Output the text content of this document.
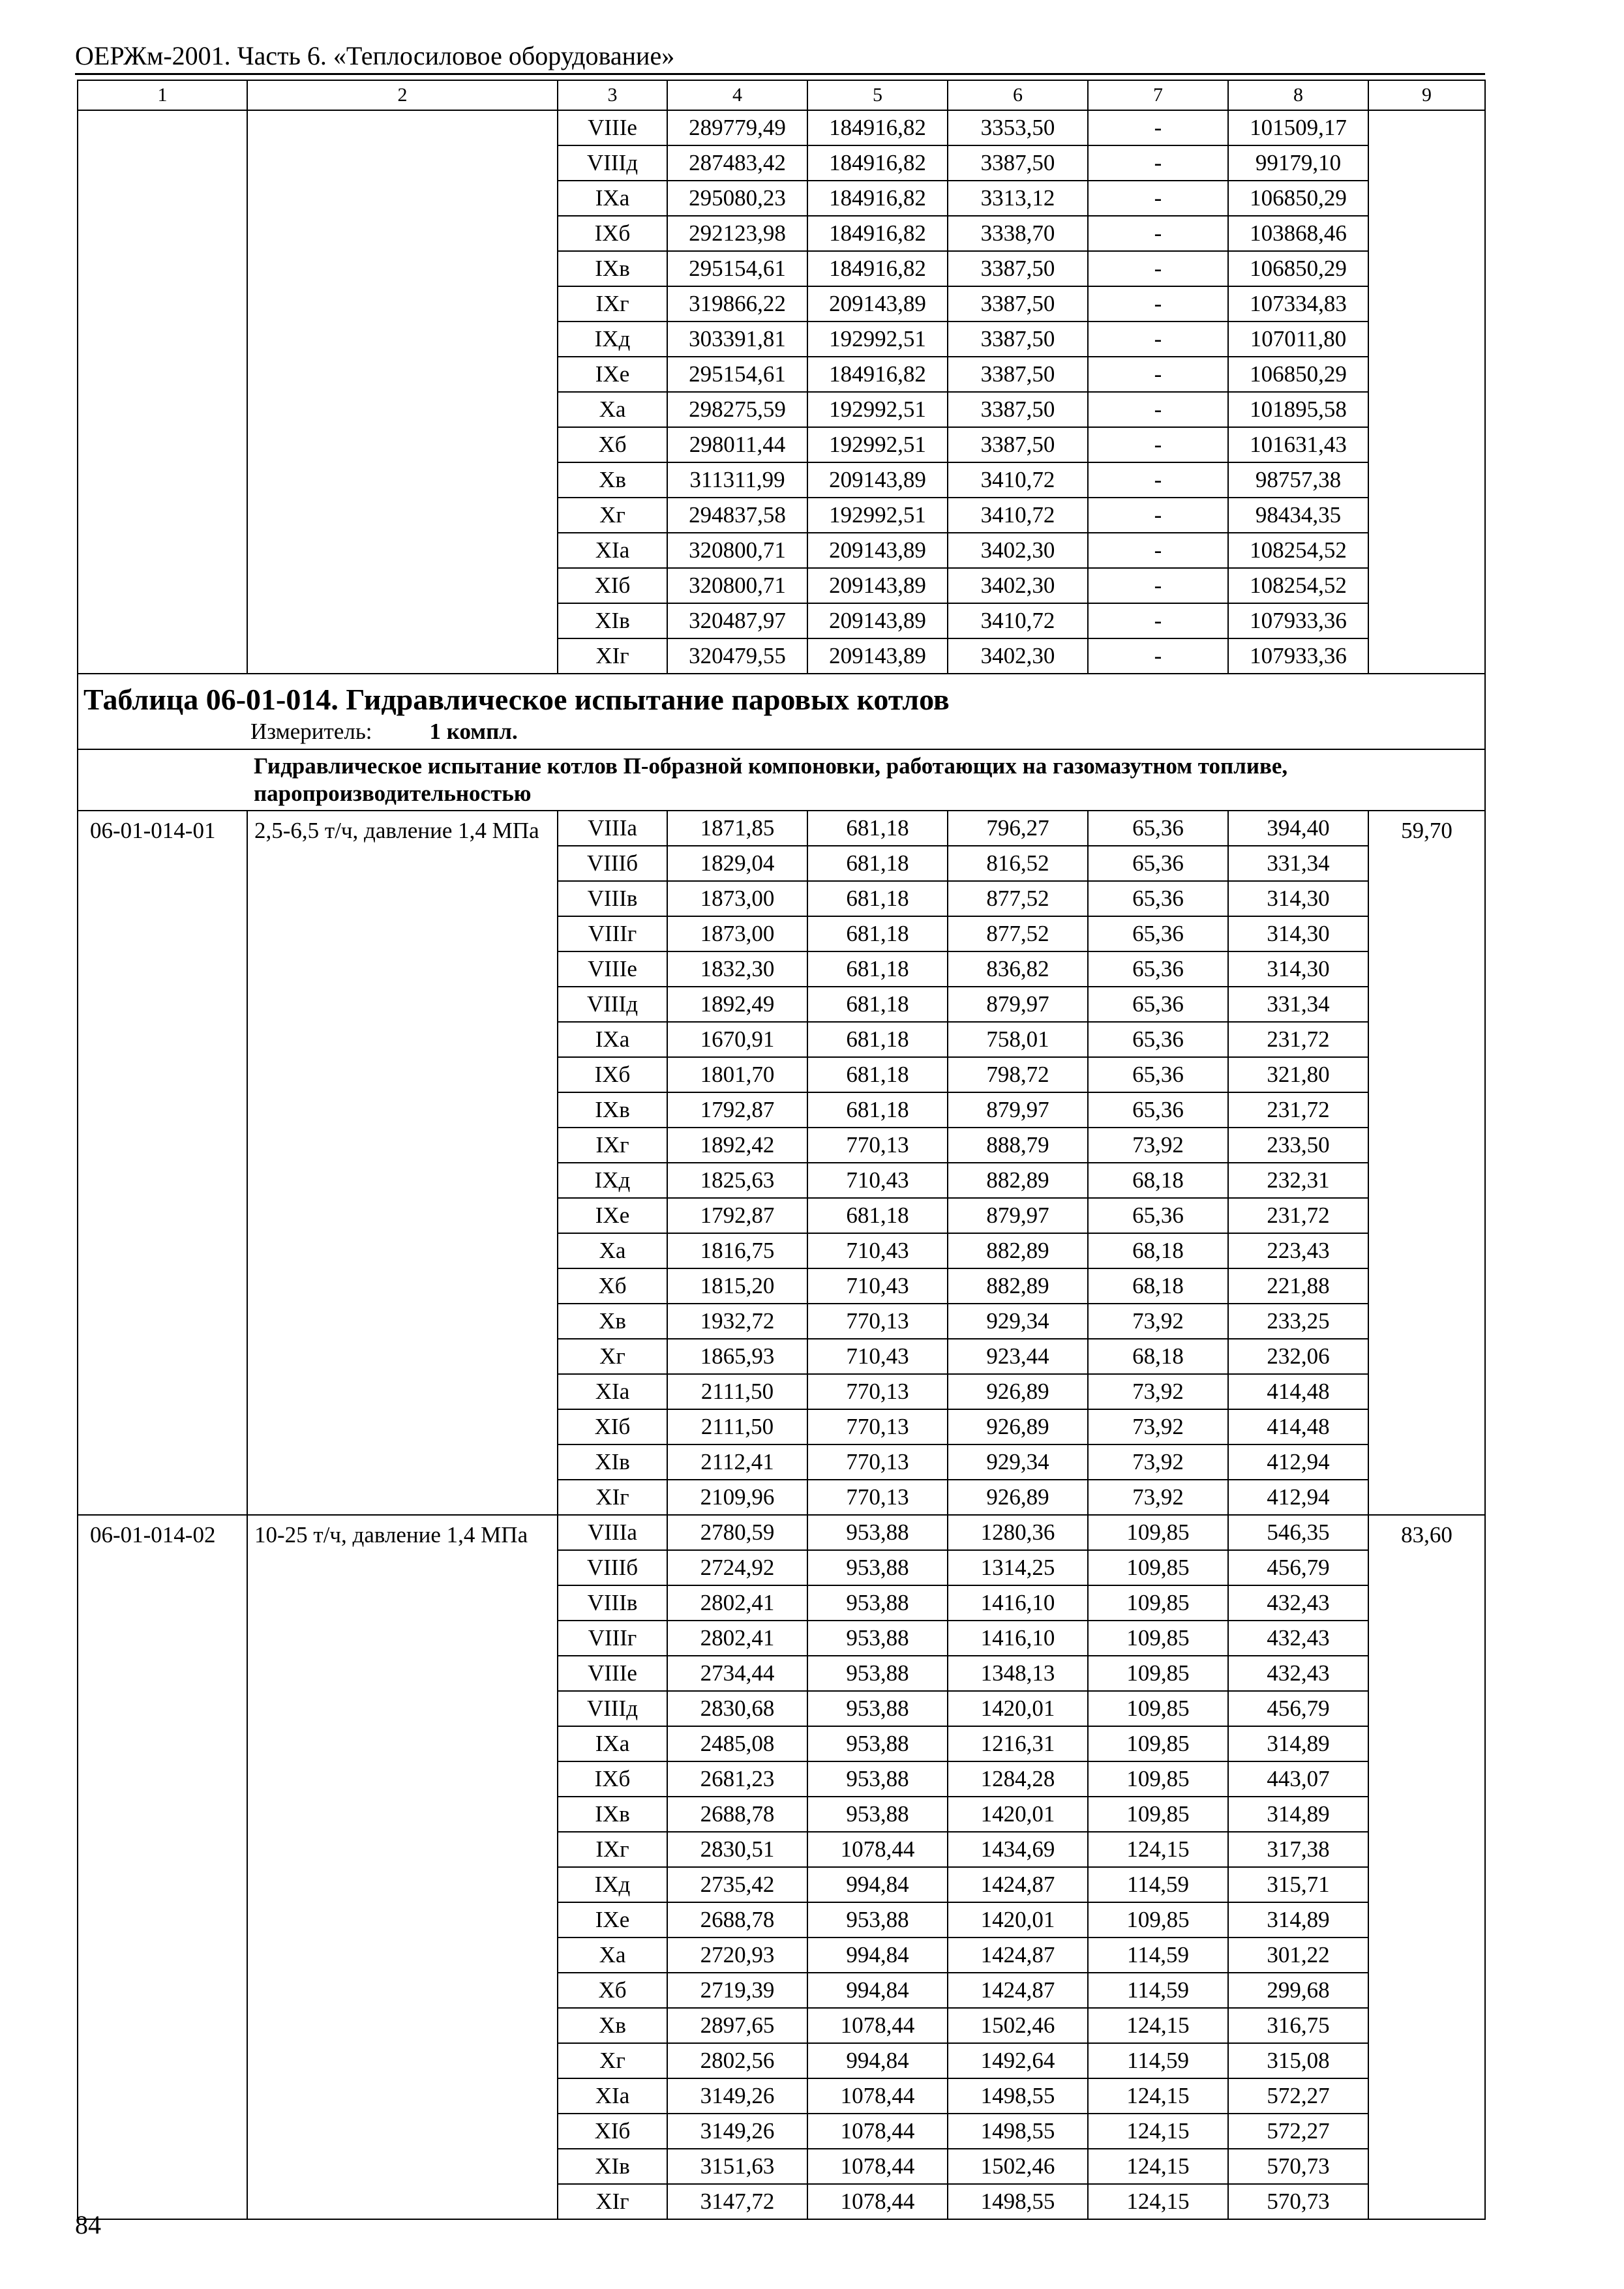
ОЕРЖм-2001. Часть 6. «Теплосиловое оборудование»
1	2	3	4	5	6	7	8	9
		VIIIе	289779,49	184916,82	3353,50	-	101509,17	
		VIIIд	287483,42	184916,82	3387,50	-	99179,10	
		IXа	295080,23	184916,82	3313,12	-	106850,29	
		IXб	292123,98	184916,82	3338,70	-	103868,46	
		IXв	295154,61	184916,82	3387,50	-	106850,29	
		IXг	319866,22	209143,89	3387,50	-	107334,83	
		IXд	303391,81	192992,51	3387,50	-	107011,80	
		IXе	295154,61	184916,82	3387,50	-	106850,29	
		Xа	298275,59	192992,51	3387,50	-	101895,58	
		Xб	298011,44	192992,51	3387,50	-	101631,43	
		Xв	311311,99	209143,89	3410,72	-	98757,38	
		Xг	294837,58	192992,51	3410,72	-	98434,35	
		XIа	320800,71	209143,89	3402,30	-	108254,52	
		XIб	320800,71	209143,89	3402,30	-	108254,52	
		XIв	320487,97	209143,89	3410,72	-	107933,36	
		XIг	320479,55	209143,89	3402,30	-	107933,36	

Таблица 06-01-014. Гидравлическое испытание паровых котлов
Измеритель: 1 компл.								

	Гидравлическое испытание котлов П-образной компоновки, работающих на газомазутном топливе, паропроизводительностью							
06-01-014-01	2,5-6,5 т/ч, давление 1,4 МПа	VIIIа	1871,85	681,18	796,27	65,36	394,40	59,70
		VIIIб	1829,04	681,18	816,52	65,36	331,34	
		VIIIв	1873,00	681,18	877,52	65,36	314,30	
		VIIIг	1873,00	681,18	877,52	65,36	314,30	
		VIIIе	1832,30	681,18	836,82	65,36	314,30	
		VIIIд	1892,49	681,18	879,97	65,36	331,34	
		IXа	1670,91	681,18	758,01	65,36	231,72	
		IXб	1801,70	681,18	798,72	65,36	321,80	
		IXв	1792,87	681,18	879,97	65,36	231,72	
		IXг	1892,42	770,13	888,79	73,92	233,50	
		IXд	1825,63	710,43	882,89	68,18	232,31	
		IXе	1792,87	681,18	879,97	65,36	231,72	
		Xа	1816,75	710,43	882,89	68,18	223,43	
		Xб	1815,20	710,43	882,89	68,18	221,88	
		Xв	1932,72	770,13	929,34	73,92	233,25	
		Xг	1865,93	710,43	923,44	68,18	232,06	
		XIа	2111,50	770,13	926,89	73,92	414,48	
		XIб	2111,50	770,13	926,89	73,92	414,48	
		XIв	2112,41	770,13	929,34	73,92	412,94	
		XIг	2109,96	770,13	926,89	73,92	412,94	
06-01-014-02	10-25 т/ч, давление 1,4 МПа	VIIIа	2780,59	953,88	1280,36	109,85	546,35	83,60
		VIIIб	2724,92	953,88	1314,25	109,85	456,79	
		VIIIв	2802,41	953,88	1416,10	109,85	432,43	
		VIIIг	2802,41	953,88	1416,10	109,85	432,43	
		VIIIе	2734,44	953,88	1348,13	109,85	432,43	
		VIIIд	2830,68	953,88	1420,01	109,85	456,79	
		IXа	2485,08	953,88	1216,31	109,85	314,89	
		IXб	2681,23	953,88	1284,28	109,85	443,07	
		IXв	2688,78	953,88	1420,01	109,85	314,89	
		IXг	2830,51	1078,44	1434,69	124,15	317,38	
		IXд	2735,42	994,84	1424,87	114,59	315,71	
		IXе	2688,78	953,88	1420,01	109,85	314,89	
		Xа	2720,93	994,84	1424,87	114,59	301,22	
		Xб	2719,39	994,84	1424,87	114,59	299,68	
		Xв	2897,65	1078,44	1502,46	124,15	316,75	
		Xг	2802,56	994,84	1492,64	114,59	315,08	
		XIа	3149,26	1078,44	1498,55	124,15	572,27	
		XIб	3149,26	1078,44	1498,55	124,15	572,27	
		XIв	3151,63	1078,44	1502,46	124,15	570,73	
		XIг	3147,72	1078,44	1498,55	124,15	570,73	
84
